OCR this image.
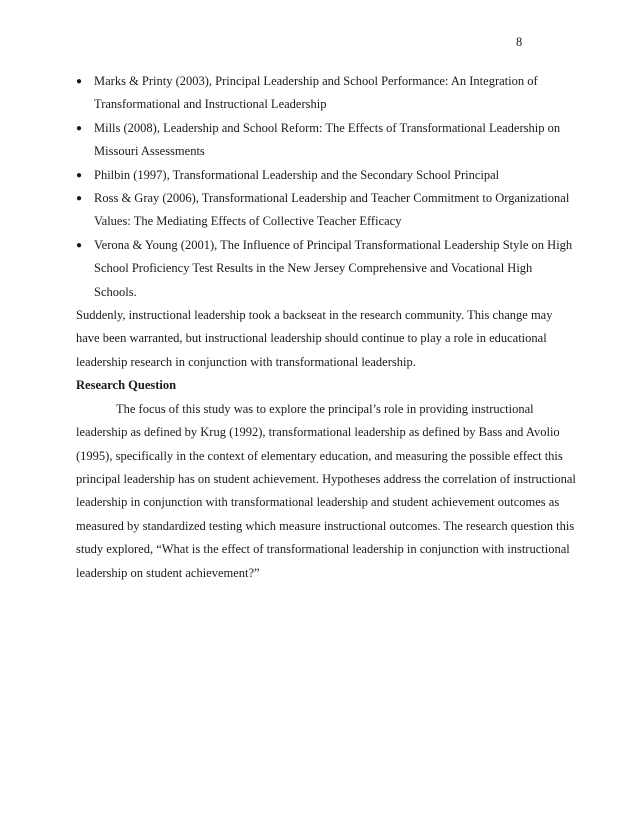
8
● Marks & Printy (2003), Principal Leadership and School Performance: An Integration of Transformational and Instructional Leadership
● Mills (2008), Leadership and School Reform: The Effects of Transformational Leadership on Missouri Assessments
● Philbin (1997), Transformational Leadership and the Secondary School Principal
● Ross & Gray (2006), Transformational Leadership and Teacher Commitment to Organizational Values: The Mediating Effects of Collective Teacher Efficacy
● Verona & Young (2001), The Influence of Principal Transformational Leadership Style on High School Proficiency Test Results in the New Jersey Comprehensive and Vocational High Schools.

Suddenly, instructional leadership took a backseat in the research community. This change may have been warranted, but instructional leadership should continue to play a role in educational leadership research in conjunction with transformational leadership.

Research Question

The focus of this study was to explore the principal’s role in providing instructional leadership as defined by Krug (1992), transformational leadership as defined by Bass and Avolio (1995), specifically in the context of elementary education, and measuring the possible effect this principal leadership has on student achievement. Hypotheses address the correlation of instructional leadership in conjunction with transformational leadership and student achievement outcomes as measured by standardized testing which measure instructional outcomes. The research question this study explored, “What is the effect of transformational leadership in conjunction with instructional leadership on student achievement?”
